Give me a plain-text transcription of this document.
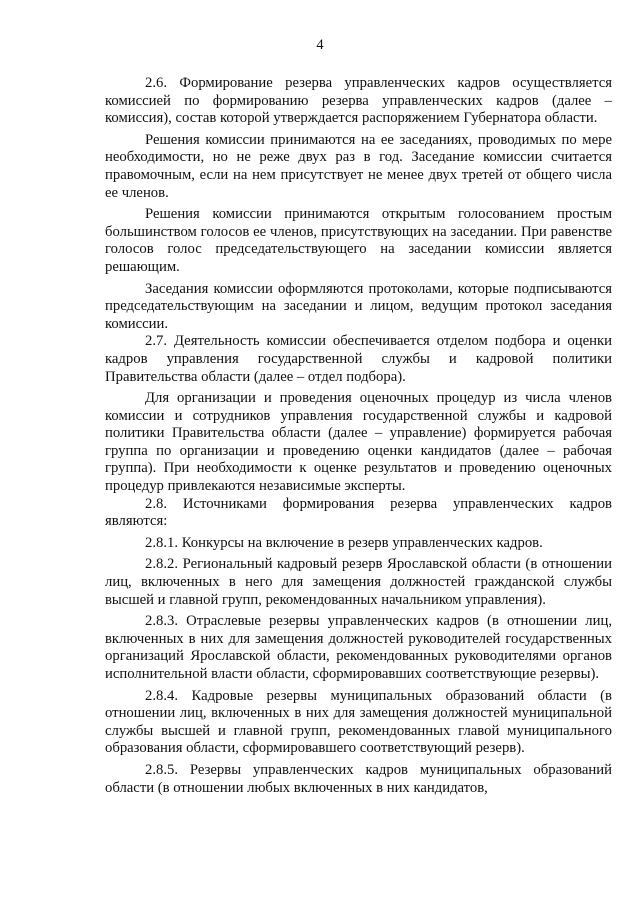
4

2.6. Формирование резерва управленческих кадров осуществляется комиссией по формированию резерва управленческих кадров (далее – комиссия), состав которой утверждается распоряжением Губернатора области.

Решения комиссии принимаются на ее заседаниях, проводимых по мере необходимости, но не реже двух раз в год. Заседание комиссии считается правомочным, если на нем присутствует не менее двух третей от общего числа ее членов.

Решения комиссии принимаются открытым голосованием простым большинством голосов ее членов, присутствующих на заседании. При равенстве голосов голос председательствующего на заседании комиссии является решающим.

Заседания комиссии оформляются протоколами, которые подписываются председательствующим на заседании и лицом, ведущим протокол заседания комиссии.

2.7. Деятельность комиссии обеспечивается отделом подбора и оценки кадров управления государственной службы и кадровой политики Правительства области (далее – отдел подбора).

Для организации и проведения оценочных процедур из числа членов комиссии и сотрудников управления государственной службы и кадровой политики Правительства области (далее – управление) формируется рабочая группа по организации и проведению оценки кандидатов (далее – рабочая группа). При необходимости к оценке результатов и проведению оценочных процедур привлекаются независимые эксперты.

2.8. Источниками формирования резерва управленческих кадров являются:

2.8.1. Конкурсы на включение в резерв управленческих кадров.

2.8.2. Региональный кадровый резерв Ярославской области (в отношении лиц, включенных в него для замещения должностей гражданской службы высшей и главной групп, рекомендованных начальником управления).

2.8.3. Отраслевые резервы управленческих кадров (в отношении лиц, включенных в них для замещения должностей руководителей государственных организаций Ярославской области, рекомендованных руководителями органов исполнительной власти области, сформировавших соответствующие резервы).

2.8.4. Кадровые резервы муниципальных образований области (в отношении лиц, включенных в них для замещения должностей муниципальной службы высшей и главной групп, рекомендованных главой муниципального образования области, сформировавшего соответствующий резерв).

2.8.5. Резервы управленческих кадров муниципальных образований области (в отношении любых включенных в них кандидатов,
